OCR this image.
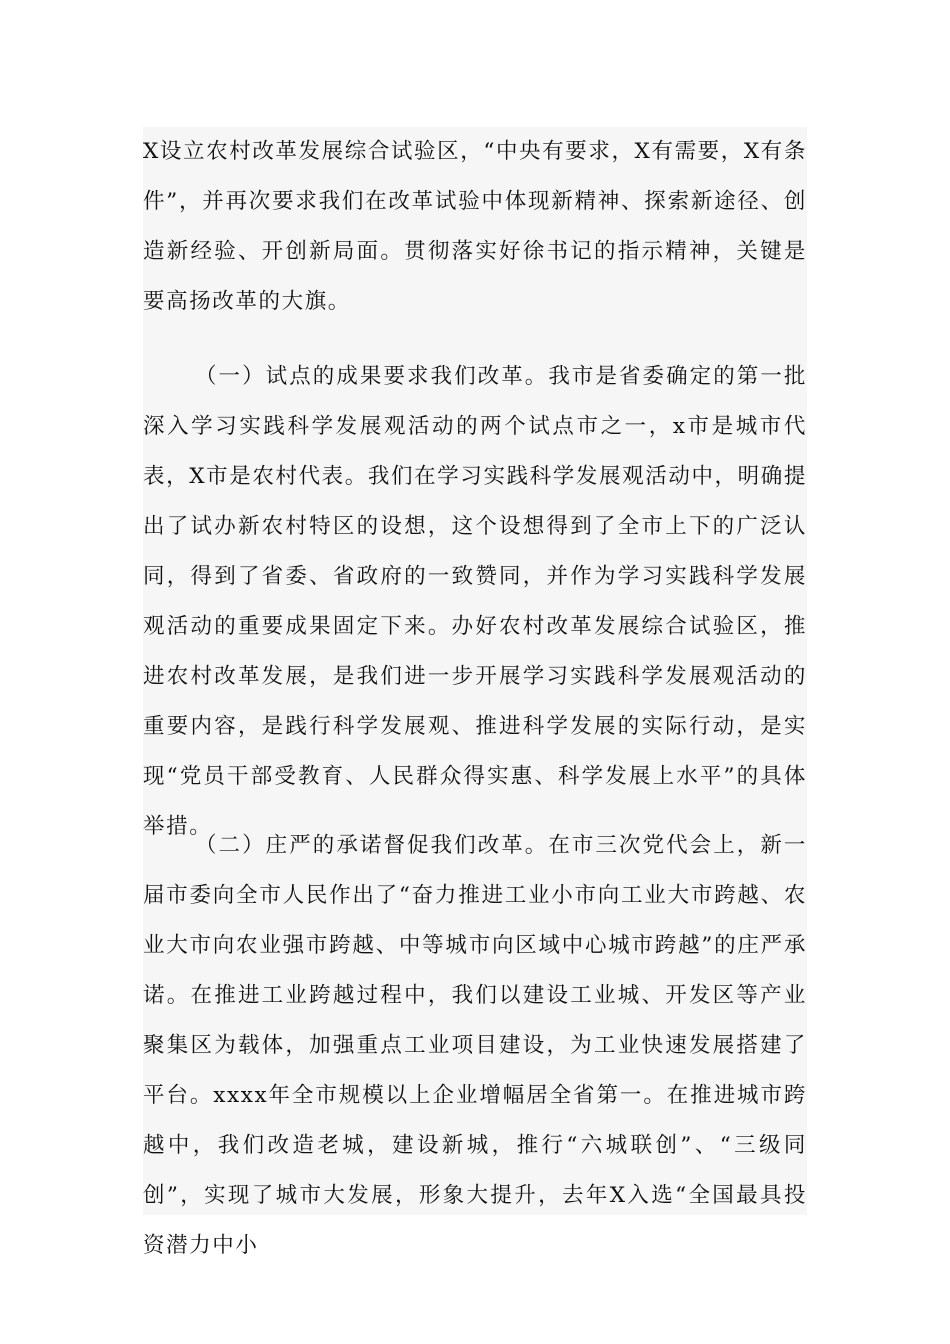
X设立农村改革发展综合试验区，“中央有要求，X有需要，X有条件”，并再次要求我们在改革试验中体现新精神、探索新途径、创造新经验、开创新局面。贯彻落实好徐书记的指示精神，关键是要高扬改革的大旗。

（一）试点的成果要求我们改革。我市是省委确定的第一批深入学习实践科学发展观活动的两个试点市之一，x市是城市代表，X市是农村代表。我们在学习实践科学发展观活动中，明确提出了试办新农村特区的设想，这个设想得到了全市上下的广泛认同，得到了省委、省政府的一致赞同，并作为学习实践科学发展观活动的重要成果固定下来。办好农村改革发展综合试验区，推进农村改革发展，是我们进一步开展学习实践科学发展观活动的重要内容，是践行科学发展观、推进科学发展的实际行动，是实现“党员干部受教育、人民群众得实惠、科学发展上水平”的具体举措。

（二）庄严的承诺督促我们改革。在市三次党代会上，新一届市委向全市人民作出了“奋力推进工业小市向工业大市跨越、农业大市向农业强市跨越、中等城市向区域中心城市跨越”的庄严承诺。在推进工业跨越过程中，我们以建设工业城、开发区等产业聚集区为载体，加强重点工业项目建设，为工业快速发展搭建了平台。xxxx年全市规模以上企业增幅居全省第一。在推进城市跨越中，我们改造老城，建设新城，推行“六城联创”、“三级同创”，实现了城市大发展，形象大提升，去年X入选“全国最具投资潜力中小
